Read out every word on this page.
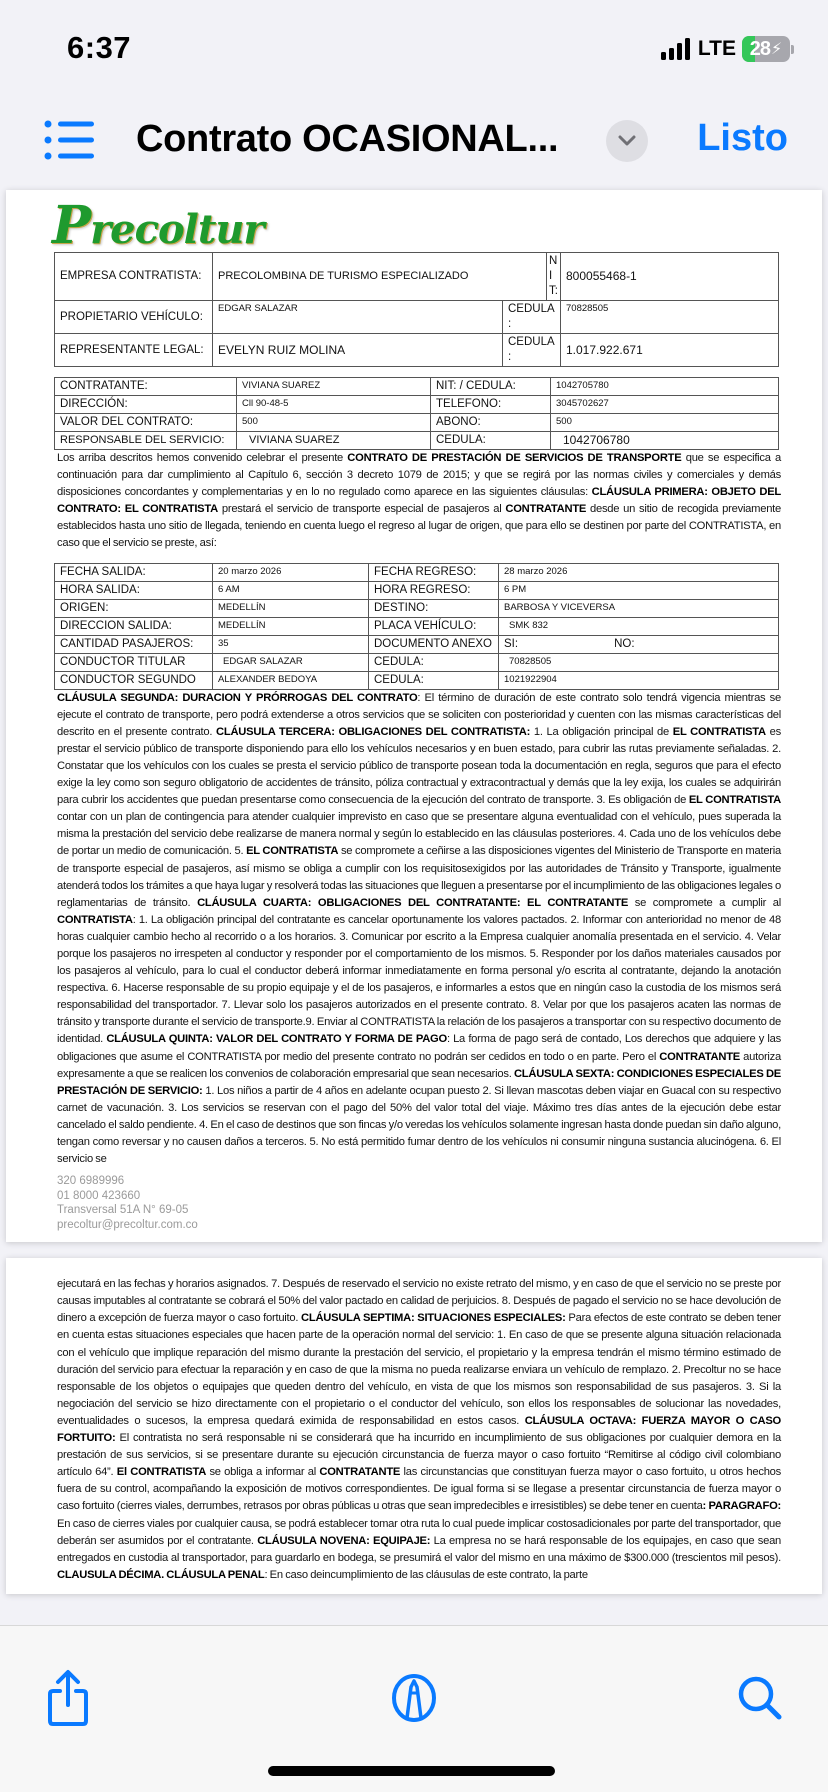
6:37	LTE 28 ⚡︎
Contrato OCASIONAL...	Listo
Precoltur
EMPRESA CONTRATISTA:	PRECOLOMBINA DE TURISMO ESPECIALIZADO		NIT:	800055468-1
PROPIETARIO VEHÍCULO:	EDGAR SALAZAR	CEDULA:		70828505
REPRESENTANTE LEGAL:	EVELYN RUIZ MOLINA	CEDULA:		1.017.922.671
CONTRATANTE:	VIVIANA SUAREZ	NIT: / CEDULA:	1042705780
DIRECCIÓN:	Cll 90-48-5	TELEFONO:	3045702627
VALOR DEL CONTRATO:	500	ABONO:	500
RESPONSABLE DEL SERVICIO:	VIVIANA SUAREZ	CEDULA:	1042706780
Los arriba descritos hemos convenido celebrar el presente CONTRATO DE PRESTACIÓN DE SERVICIOS DE TRANSPORTE que se especifica a continuación para dar cumplimiento al Capítulo 6, sección 3 decreto 1079 de 2015; y que se regirá por las normas civiles y comerciales y demás disposiciones concordantes y complementarias y en lo no regulado como aparece en las siguientes cláusulas: CLÁUSULA PRIMERA: OBJETO DEL CONTRATO: EL CONTRATISTA prestará el servicio de transporte especial de pasajeros al CONTRATANTE desde un sitio de recogida previamente establecidos hasta uno sitio de llegada, teniendo en cuenta luego el regreso al lugar de origen, que para ello se destinen por parte del CONTRATISTA, en caso que el servicio se preste, así:
FECHA SALIDA:	20 marzo 2026	FECHA REGRESO:	28 marzo 2026
HORA SALIDA:	6 AM	HORA REGRESO:	6 PM
ORIGEN:	MEDELLÍN	DESTINO:	BARBOSA Y VICEVERSA
DIRECCION SALIDA:	MEDELLÍN	PLACA VEHÍCULO:	SMK 832
CANTIDAD PASAJEROS:	35	DOCUMENTO ANEXO	SI: NO:
CONDUCTOR TITULAR	EDGAR SALAZAR	CEDULA:	70828505
CONDUCTOR SEGUNDO	ALEXANDER BEDOYA	CEDULA:	1021922904
CLÁUSULA SEGUNDA: DURACION Y PRÓRROGAS DEL CONTRATO: El término de duración de este contrato solo tendrá vigencia mientras se ejecute el contrato de transporte, pero podrá extenderse a otros servicios que se soliciten con posterioridad y cuenten con las mismas características del descrito en el presente contrato. CLÁUSULA TERCERA: OBLIGACIONES DEL CONTRATISTA: 1. La obligación principal de EL CONTRATISTA es prestar el servicio público de transporte disponiendo para ello los vehículos necesarios y en buen estado, para cubrir las rutas previamente señaladas. 2. Constatar que los vehículos con los cuales se presta el servicio público de transporte posean toda la documentación en regla, seguros que para el efecto exige la ley como son seguro obligatorio de accidentes de tránsito, póliza contractual y extracontractual y demás que la ley exija, los cuales se adquirirán para cubrir los accidentes que puedan presentarse como consecuencia de la ejecución del contrato de transporte. 3. Es obligación de EL CONTRATISTA contar con un plan de contingencia para atender cualquier imprevisto en caso que se presentare alguna eventualidad con el vehículo, pues superada la misma la prestación del servicio debe realizarse de manera normal y según lo establecido en las cláusulas posteriores. 4. Cada uno de los vehículos debe de portar un medio de comunicación. 5. EL CONTRATISTA se compromete a ceñirse a las disposiciones vigentes del Ministerio de Transporte en materia de transporte especial de pasajeros, así mismo se obliga a cumplir con los requisitosexigidos por las autoridades de Tránsito y Transporte, igualmente atenderá todos los trámites a que haya lugar y resolverá todas las situaciones que lleguen a presentarse por el incumplimiento de las obligaciones legales o reglamentarias de tránsito. CLÁUSULA CUARTA: OBLIGACIONES DEL CONTRATANTE: EL CONTRATANTE se compromete a cumplir al CONTRATISTA: 1. La obligación principal del contratante es cancelar oportunamente los valores pactados. 2. Informar con anterioridad no menor de 48 horas cualquier cambio hecho al recorrido o a los horarios. 3. Comunicar por escrito a la Empresa cualquier anomalía presentada en el servicio. 4. Velar porque los pasajeros no irrespeten al conductor y responder por el comportamiento de los mismos. 5. Responder por los daños materiales causados por los pasajeros al vehículo, para lo cual el conductor deberá informar inmediatamente en forma personal y/o escrita al contratante, dejando la anotación respectiva. 6. Hacerse responsable de su propio equipaje y el de los pasajeros, e informarles a estos que en ningún caso la custodia de los mismos será responsabilidad del transportador. 7. Llevar solo los pasajeros autorizados en el presente contrato. 8. Velar por que los pasajeros acaten las normas de tránsito y transporte durante el servicio de transporte.9. Enviar al CONTRATISTA la relación de los pasajeros a transportar con su respectivo documento de identidad. CLÁUSULA QUINTA: VALOR DEL CONTRATO Y FORMA DE PAGO: La forma de pago será de contado, Los derechos que adquiere y las obligaciones que asume el CONTRATISTA por medio del presente contrato no podrán ser cedidos en todo o en parte. Pero el CONTRATANTE autoriza expresamente a que se realicen los convenios de colaboración empresarial que sean necesarios. CLÁUSULA SEXTA: CONDICIONES ESPECIALES DE PRESTACIÓN DE SERVICIO: 1. Los niños a partir de 4 años en adelante ocupan puesto 2. Si llevan mascotas deben viajar en Guacal con su respectivo carnet de vacunación. 3. Los servicios se reservan con el pago del 50% del valor total del viaje. Máximo tres días antes de la ejecución debe estar cancelado el saldo pendiente. 4. En el caso de destinos que son fincas y/o veredas los vehículos solamente ingresan hasta donde puedan sin daño alguno, tengan como reversar y no causen daños a terceros. 5. No está permitido fumar dentro de los vehículos ni consumir ninguna sustancia alucinógena. 6. El servicio se
320 6989996
01 8000 423660
Transversal 51A N° 69-05
precoltur@precoltur.com.co
ejecutará en las fechas y horarios asignados. 7. Después de reservado el servicio no existe retrato del mismo, y en caso de que el servicio no se preste por causas imputables al contratante se cobrará el 50% del valor pactado en calidad de perjuicios. 8. Después de pagado el servicio no se hace devolución de dinero a excepción de fuerza mayor o caso fortuito. CLÁUSULA SEPTIMA: SITUACIONES ESPECIALES: Para efectos de este contrato se deben tener en cuenta estas situaciones especiales que hacen parte de la operación normal del servicio: 1. En caso de que se presente alguna situación relacionada con el vehículo que implique reparación del mismo durante la prestación del servicio, el propietario y la empresa tendrán el mismo término estimado de duración del servicio para efectuar la reparación y en caso de que la misma no pueda realizarse enviara un vehículo de remplazo. 2. Precoltur no se hace responsable de los objetos o equipajes que queden dentro del vehículo, en vista de que los mismos son responsabilidad de sus pasajeros. 3. Si la negociación del servicio se hizo directamente con el propietario o el conductor del vehículo, son ellos los responsables de solucionar las novedades, eventualidades o sucesos, la empresa quedará eximida de responsabilidad en estos casos. CLÁUSULA OCTAVA: FUERZA MAYOR O CASO FORTUITO: El contratista no será responsable ni se considerará que ha incurrido en incumplimiento de sus obligaciones por cualquier demora en la prestación de sus servicios, si se presentare durante su ejecución circunstancia de fuerza mayor o caso fortuito “Remitirse al código civil colombiano artículo 64”. El CONTRATISTA se obliga a informar al CONTRATANTE las circunstancias que constituyan fuerza mayor o caso fortuito, u otros hechos fuera de su control, acompañando la exposición de motivos correspondientes. De igual forma si se llegase a presentar circunstancia de fuerza mayor o caso fortuito (cierres viales, derrumbes, retrasos por obras públicas u otras que sean impredecibles e irresistibles) se debe tener en cuenta: PARAGRAFO: En caso de cierres viales por cualquier causa, se podrá establecer tomar otra ruta lo cual puede implicar costosadicionales por parte del transportador, que deberán ser asumidos por el contratante. CLÁUSULA NOVENA: EQUIPAJE: La empresa no se hará responsable de los equipajes, en caso que sean entregados en custodia al transportador, para guardarlo en bodega, se presumirá el valor del mismo en una máximo de $300.000 (trescientos mil pesos). CLAUSULA DÉCIMA. CLÁUSULA PENAL: En caso deincumplimiento de las cláusulas de este contrato, la parte
